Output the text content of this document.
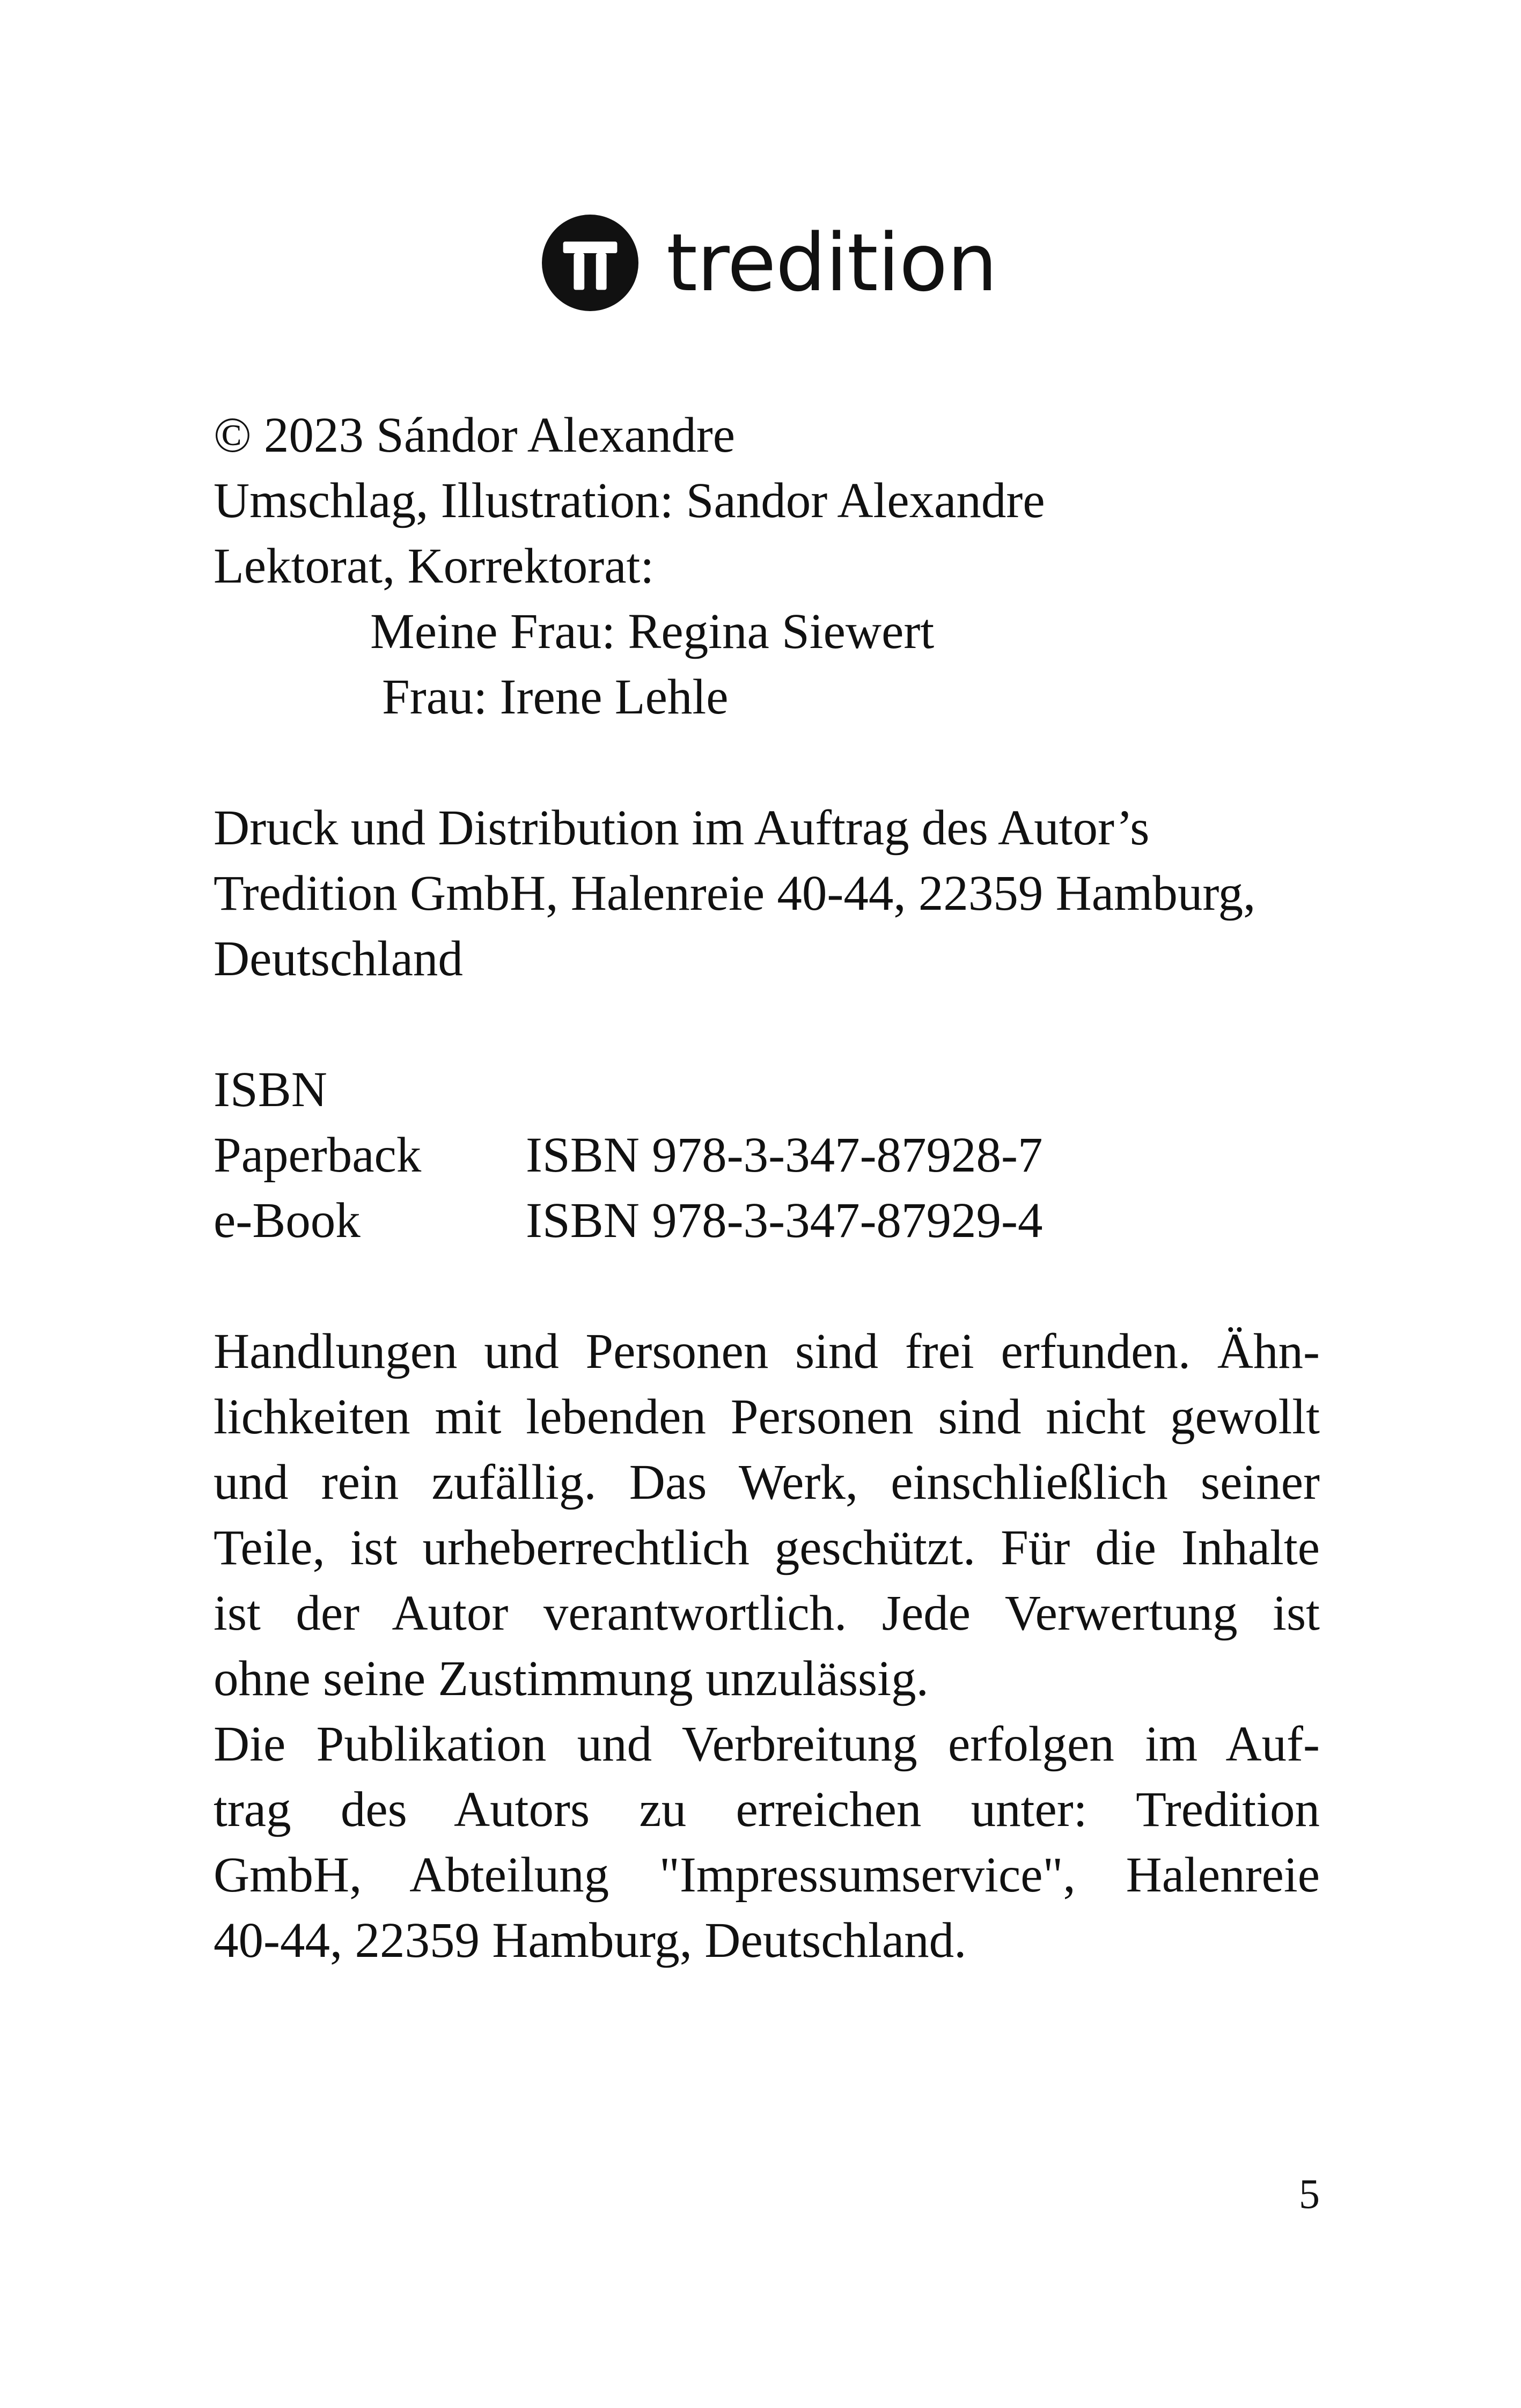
tredition
© 2023 Sándor Alexandre
Umschlag, Illustration: Sandor Alexandre
Lektorat, Korrektorat:
Meine Frau: Regina Siewert
Frau: Irene Lehle
Druck und Distribution im Auftrag des Autor’s
Tredition GmbH, Halenreie 40-44, 22359 Hamburg,
Deutschland
ISBN
Paperback ISBN 978-3-347-87928-7
e-Book	ISBN 978-3-347-87929-4
Handlungen und Personen sind frei erfunden. Ähn-
lichkeiten mit lebenden Personen sind nicht gewollt
und rein zufällig. Das Werk, einschließlich seiner
Teile, ist urheberrechtlich geschützt. Für die Inhalte
ist der Autor verantwortlich. Jede Verwertung ist
ohne seine Zustimmung unzulässig.
Die Publikation und Verbreitung erfolgen im Auf-
trag des Autors zu erreichen unter: Tredition
GmbH, Abteilung "Impressumservice", Halenreie
40-44, 22359 Hamburg, Deutschland.
5
